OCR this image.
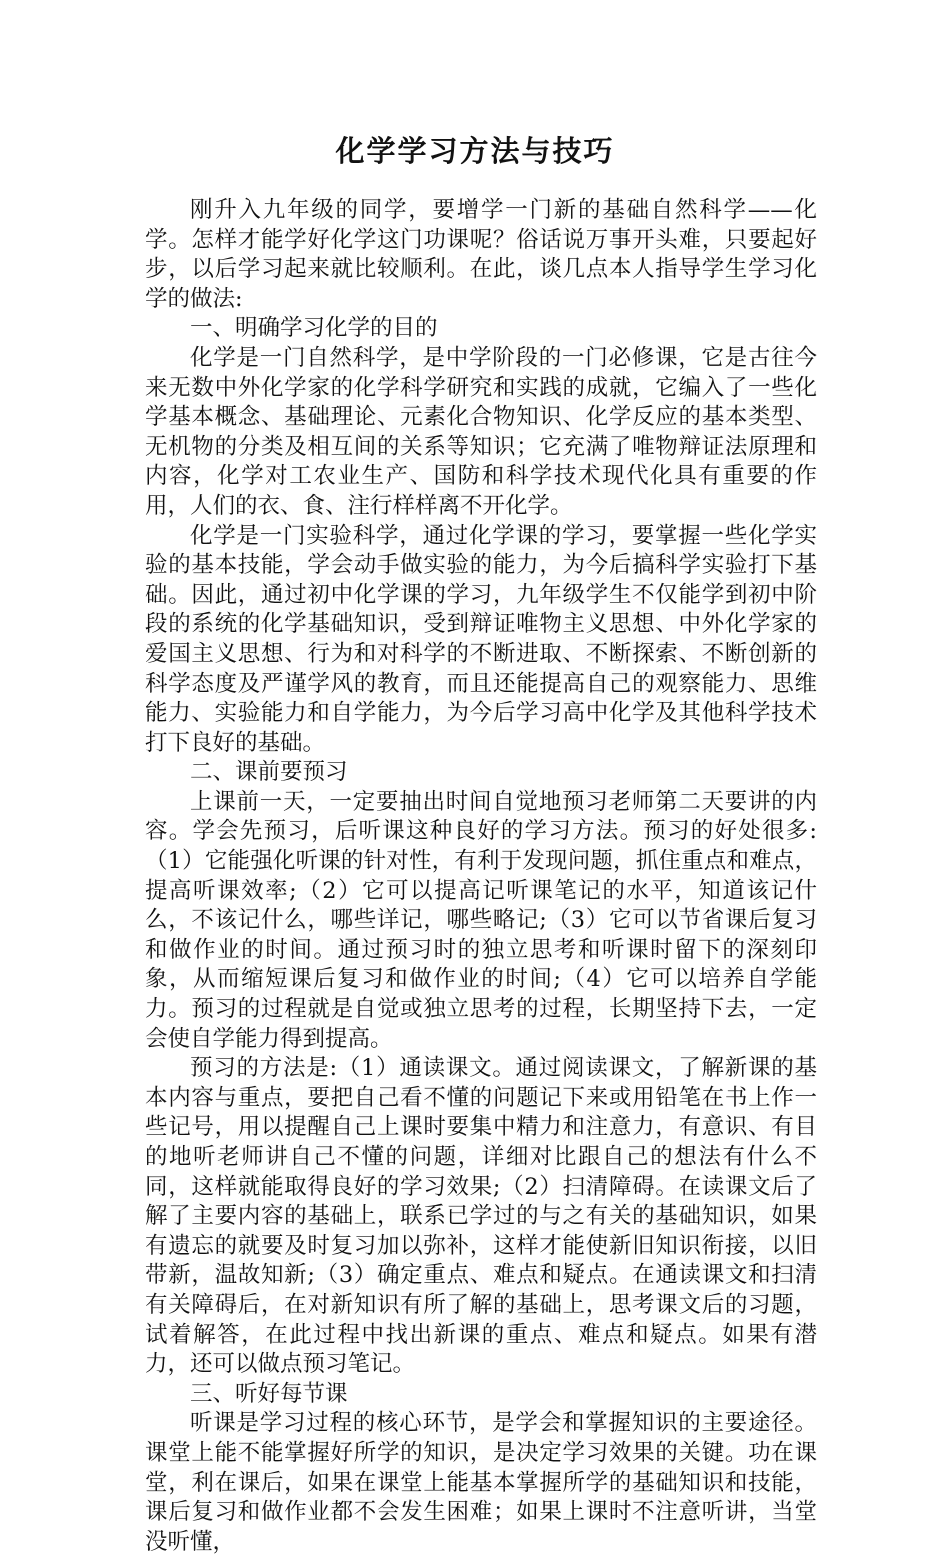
化学学习方法与技巧

刚升入九年级的同学，要增学一门新的基础自然科学——化学。怎样才能学好化学这门功课呢？俗话说万事开头难，只要起好步，以后学习起来就比较顺利。在此，谈几点本人指导学生学习化学的做法:

一、明确学习化学的目的

化学是一门自然科学，是中学阶段的一门必修课，它是古往今来无数中外化学家的化学科学研究和实践的成就，它编入了一些化学基本概念、基础理论、元素化合物知识、化学反应的基本类型、无机物的分类及相互间的关系等知识；它充满了唯物辩证法原理和内容，化学对工农业生产、国防和科学技术现代化具有重要的作用，人们的衣、食、注行样样离不开化学。

化学是一门实验科学，通过化学课的学习，要掌握一些化学实验的基本技能，学会动手做实验的能力，为今后搞科学实验打下基础。因此，通过初中化学课的学习，九年级学生不仅能学到初中阶段的系统的化学基础知识，受到辩证唯物主义思想、中外化学家的爱国主义思想、行为和对科学的不断进取、不断探索、不断创新的科学态度及严谨学风的教育，而且还能提高自己的观察能力、思维能力、实验能力和自学能力，为今后学习高中化学及其他科学技术打下良好的基础。

二、课前要预习

上课前一天，一定要抽出时间自觉地预习老师第二天要讲的内容。学会先预习，后听课这种良好的学习方法。预习的好处很多:（1）它能强化听课的针对性，有利于发现问题，抓住重点和难点，提高听课效率;（2）它可以提高记听课笔记的水平，知道该记什么，不该记什么，哪些详记，哪些略记;（3）它可以节省课后复习和做作业的时间。通过预习时的独立思考和听课时留下的深刻印象，从而缩短课后复习和做作业的时间;（4）它可以培养自学能力。预习的过程就是自觉或独立思考的过程，长期坚持下去，一定会使自学能力得到提高。

预习的方法是:（1）通读课文。通过阅读课文，了解新课的基本内容与重点，要把自己看不懂的问题记下来或用铅笔在书上作一些记号，用以提醒自己上课时要集中精力和注意力，有意识、有目的地听老师讲自己不懂的问题，详细对比跟自己的想法有什么不同，这样就能取得良好的学习效果;（2）扫清障碍。在读课文后了解了主要内容的基础上，联系已学过的与之有关的基础知识，如果有遗忘的就要及时复习加以弥补，这样才能使新旧知识衔接，以旧带新，温故知新;（3）确定重点、难点和疑点。在通读课文和扫清有关障碍后，在对新知识有所了解的基础上，思考课文后的习题，试着解答，在此过程中找出新课的重点、难点和疑点。如果有潜力，还可以做点预习笔记。

三、听好每节课

听课是学习过程的核心环节，是学会和掌握知识的主要途径。课堂上能不能掌握好所学的知识，是决定学习效果的关键。功在课堂，利在课后，如果在课堂上能基本掌握所学的基础知识和技能，课后复习和做作业都不会发生困难；如果上课时不注意听讲，当堂没听懂，
